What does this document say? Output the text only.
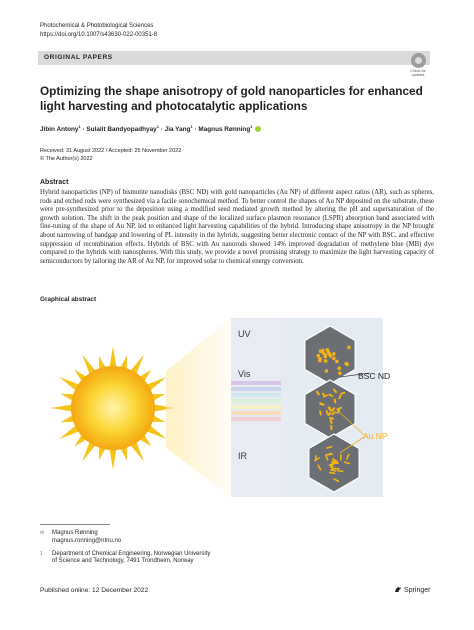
Photochemical & Photobiological Sciences
https://doi.org/10.1007/s43630-022-00351-8
ORIGINAL PAPERS
Check for
updates
Optimizing the shape anisotropy of gold nanoparticles for enhanced light harvesting and photocatalytic applications
Jibin Antony$^1$ · Sulalit Bandyopadhyay$^1$ · Jia Yang$^1$ · Magnus Rønning$^1$
Received: 31 August 2022 / Accepted: 25 November 2022
© The Author(s) 2022
Abstract
Hybrid nanoparticles (NP) of bismutite nanodisks (BSC ND) with gold nanoparticles (Au NP) of different aspect ratios (AR), such as spheres, rods and etched rods were synthesized via a facile sonochemical method. To better control the shapes of Au NP deposited on the substrate, these were pre-synthesized prior to the deposition using a modified seed mediated growth method by altering the pH and supersaturation of the growth solution. The shift in the peak position and shape of the localized surface plasmon resonance (LSPR) absorption band associated with fine-tuning of the shape of Au NP, led to enhanced light harvesting capabilities of the hybrid. Introducing shape anisotropy in the NP brought about narrowing of bandgap and lowering of PL intensity in the hybrids, suggesting better electronic contact of the NP with BSC, and effective suppression of recombination effects. Hybrids of BSC with Au nanorods showed 14% improved degradation of methylene blue (MB) dye compared to the hybrids with nanospheres. With this study, we provide a novel promising strategy to maximize the light harvesting capacity of semiconductors by tailoring the AR of Au NP, for improved solar to chemical energy conversion.
Graphical abstract
UV
Vis
IR
BSC ND
Au NP
✉ Magnus Rønning
magnus.ronning@ntnu.no
1 Department of Chemical Engineering, Norwegian University
of Science and Technology, 7491 Trondheim, Norway
Published online: 12 December 2022	Springer
